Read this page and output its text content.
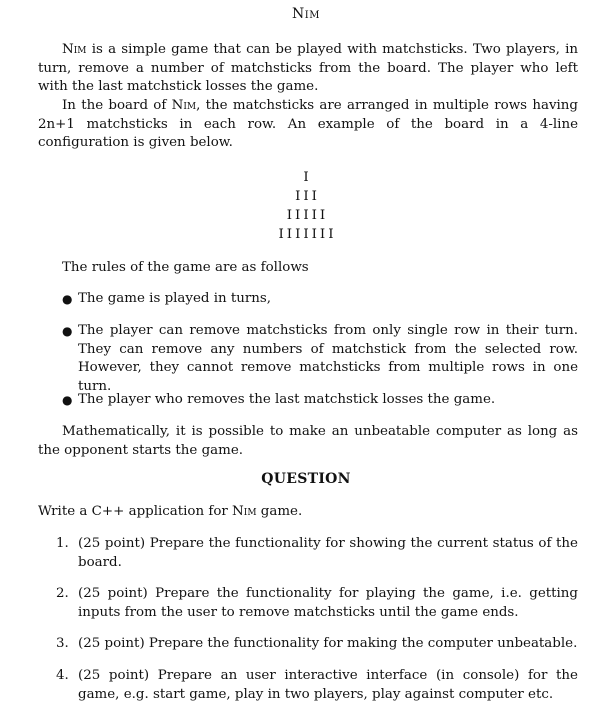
Nim

Nim is a simple game that can be played with matchsticks. Two players, in turn, remove a number of matchsticks from the board. The player who left with the last matchstick losses the game.

In the board of Nim, the matchsticks are arranged in multiple rows having 2n+1 matchsticks in each row. An example of the board in a 4-line configuration is given below.

I
III
IIIII
IIIIIII
The rules of the game are as follows
● The game is played in turns,
● The player can remove matchsticks from only single row in their turn. They can remove any numbers of matchstick from the selected row. However, they cannot remove matchsticks from multiple rows in one turn.
● The player who removes the last matchstick losses the game.

Mathematically, it is possible to make an unbeatable computer as long as the opponent starts the game.

QUESTION
Write a C++ application for Nim game.
1. (25 point) Prepare the functionality for showing the current status of the board.
2. (25 point) Prepare the functionality for playing the game, i.e. getting inputs from the user to remove matchsticks until the game ends.
3. (25 point) Prepare the functionality for making the computer unbeatable.
4. (25 point) Prepare an user interactive interface (in console) for the game, e.g. start game, play in two players, play against computer etc.
